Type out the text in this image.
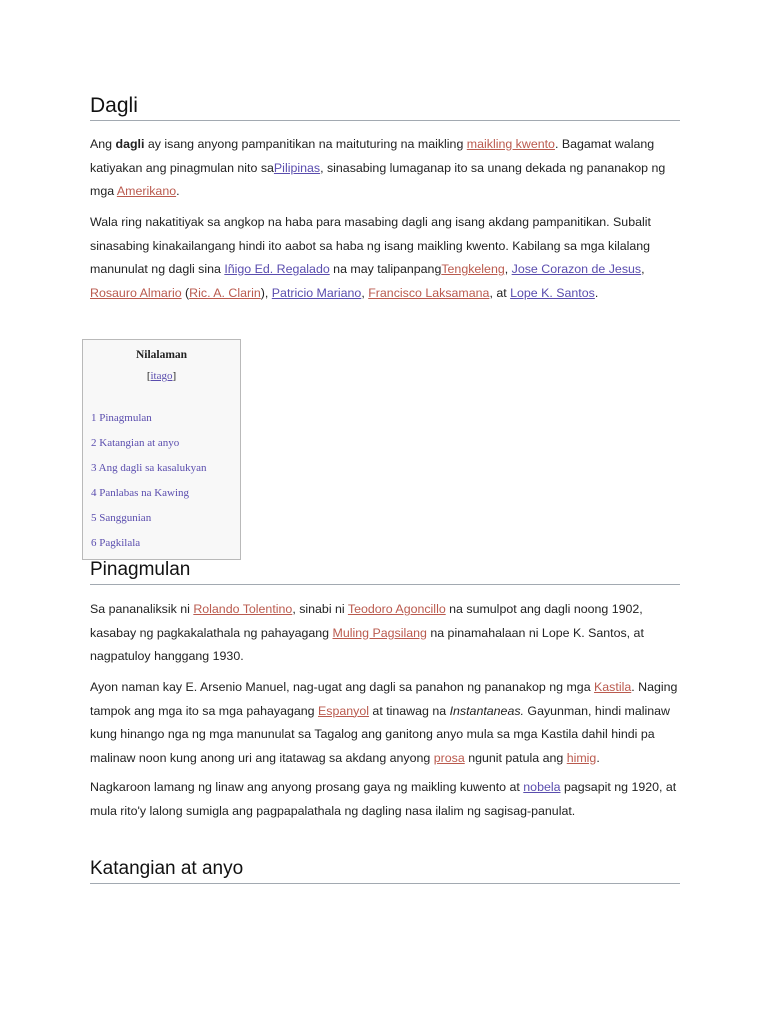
Dagli

Ang dagli ay isang anyong pampanitikan na maituturing na maikling maikling kwento. Bagamat walang katiyakan ang pinagmulan nito saPilipinas, sinasabing lumaganap ito sa unang dekada ng pananakop ng mga Amerikano.

Wala ring nakatitiyak sa angkop na haba para masabing dagli ang isang akdang pampanitikan. Subalit sinasabing kinakailangang hindi ito aabot sa haba ng isang maikling kwento. Kabilang sa mga kilalang manunulat ng dagli sina Iñigo Ed. Regalado na may talipanpangTengkeleng, Jose Corazon de Jesus, Rosauro Almario (Ric. A. Clarin), Patricio Mariano, Francisco Laksamana, at Lope K. Santos.

Nilalaman
[itago]
1 Pinagmulan
2 Katangian at anyo
3 Ang dagli sa kasalukyan
4 Panlabas na Kawing
5 Sanggunian
6 Pagkilala
Pinagmulan

Sa pananaliksik ni Rolando Tolentino, sinabi ni Teodoro Agoncillo na sumulpot ang dagli noong 1902, kasabay ng pagkakalathala ng pahayagang Muling Pagsilang na pinamahalaan ni Lope K. Santos, at nagpatuloy hanggang 1930.

Ayon naman kay E. Arsenio Manuel, nag-ugat ang dagli sa panahon ng pananakop ng mga Kastila. Naging tampok ang mga ito sa mga pahayagang Espanyol at tinawag na Instantaneas. Gayunman, hindi malinaw kung hinango nga ng mga manunulat sa Tagalog ang ganitong anyo mula sa mga Kastila dahil hindi pa malinaw noon kung anong uri ang itatawag sa akdang anyong prosa ngunit patula ang himig.

Nagkaroon lamang ng linaw ang anyong prosang gaya ng maikling kuwento at nobela pagsapit ng 1920, at mula rito'y lalong sumigla ang pagpapalathala ng dagling nasa ilalim ng sagisag-panulat.

Katangian at anyo
